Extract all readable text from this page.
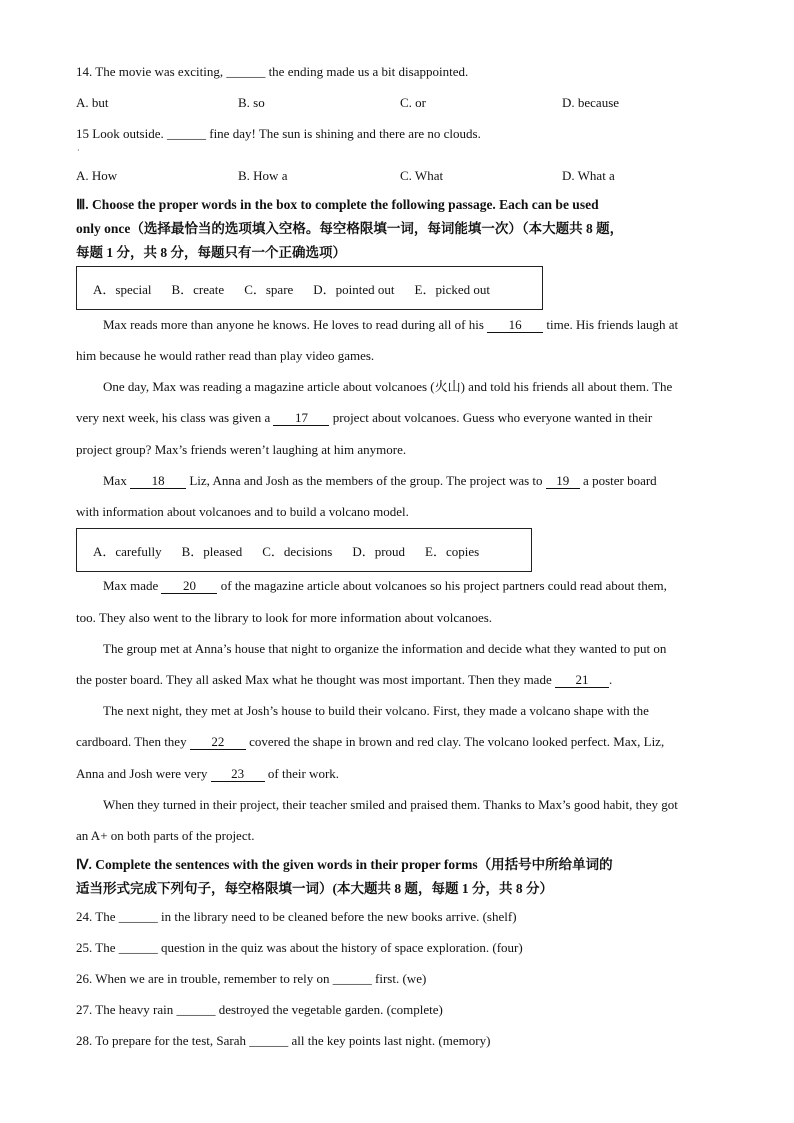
14. The movie was exciting, ______ the ending made us a bit disappointed.
A. but	B. so	C. or	D. because
15 Look outside. ______ fine day! The sun is shining and there are no clouds.
·
A. How	B. How a	C. What	D. What a
Ⅲ. Choose the proper words in the box to complete the following passage. Each can be used
only once（选择最恰当的选项填入空格。每空格限填一词，每词能填一次）（本大题共 8 题，
每题 1 分，共 8 分，每题只有一个正确选项）
A．special B．create C．spare D．pointed out E．picked out
Max reads more than anyone he knows. He loves to read during all of his 16 time. His friends laugh at
him because he would rather read than play video games.
One day, Max was reading a magazine article about volcanoes (火山) and told his friends all about them. The
very next week, his class was given a 17 project about volcanoes. Guess who everyone wanted in their
project group? Max’s friends weren’t laughing at him anymore.
Max 18 Liz, Anna and Josh as the members of the group. The project was to 19 a poster board
with information about volcanoes and to build a volcano model.
A．carefully B．pleased C．decisions D．proud E．copies
Max made 20 of the magazine article about volcanoes so his project partners could read about them,
too. They also went to the library to look for more information about volcanoes.
The group met at Anna’s house that night to organize the information and decide what they wanted to put on
the poster board. They all asked Max what he thought was most important. Then they made 21 .
The next night, they met at Josh’s house to build their volcano. First, they made a volcano shape with the
cardboard. Then they 22 covered the shape in brown and red clay. The volcano looked perfect. Max, Liz,
Anna and Josh were very 23 of their work.
When they turned in their project, their teacher smiled and praised them. Thanks to Max’s good habit, they got
an A+ on both parts of the project.
Ⅳ. Complete the sentences with the given words in their proper forms（用括号中所给单词的
适当形式完成下列句子，每空格限填一词）(本大题共 8 题，每题 1 分，共 8 分）
24. The ______ in the library need to be cleaned before the new books arrive. (shelf)
25. The ______ question in the quiz was about the history of space exploration. (four)
26. When we are in trouble, remember to rely on ______ first. (we)
27. The heavy rain ______ destroyed the vegetable garden. (complete)
28. To prepare for the test, Sarah ______ all the key points last night. (memory)
